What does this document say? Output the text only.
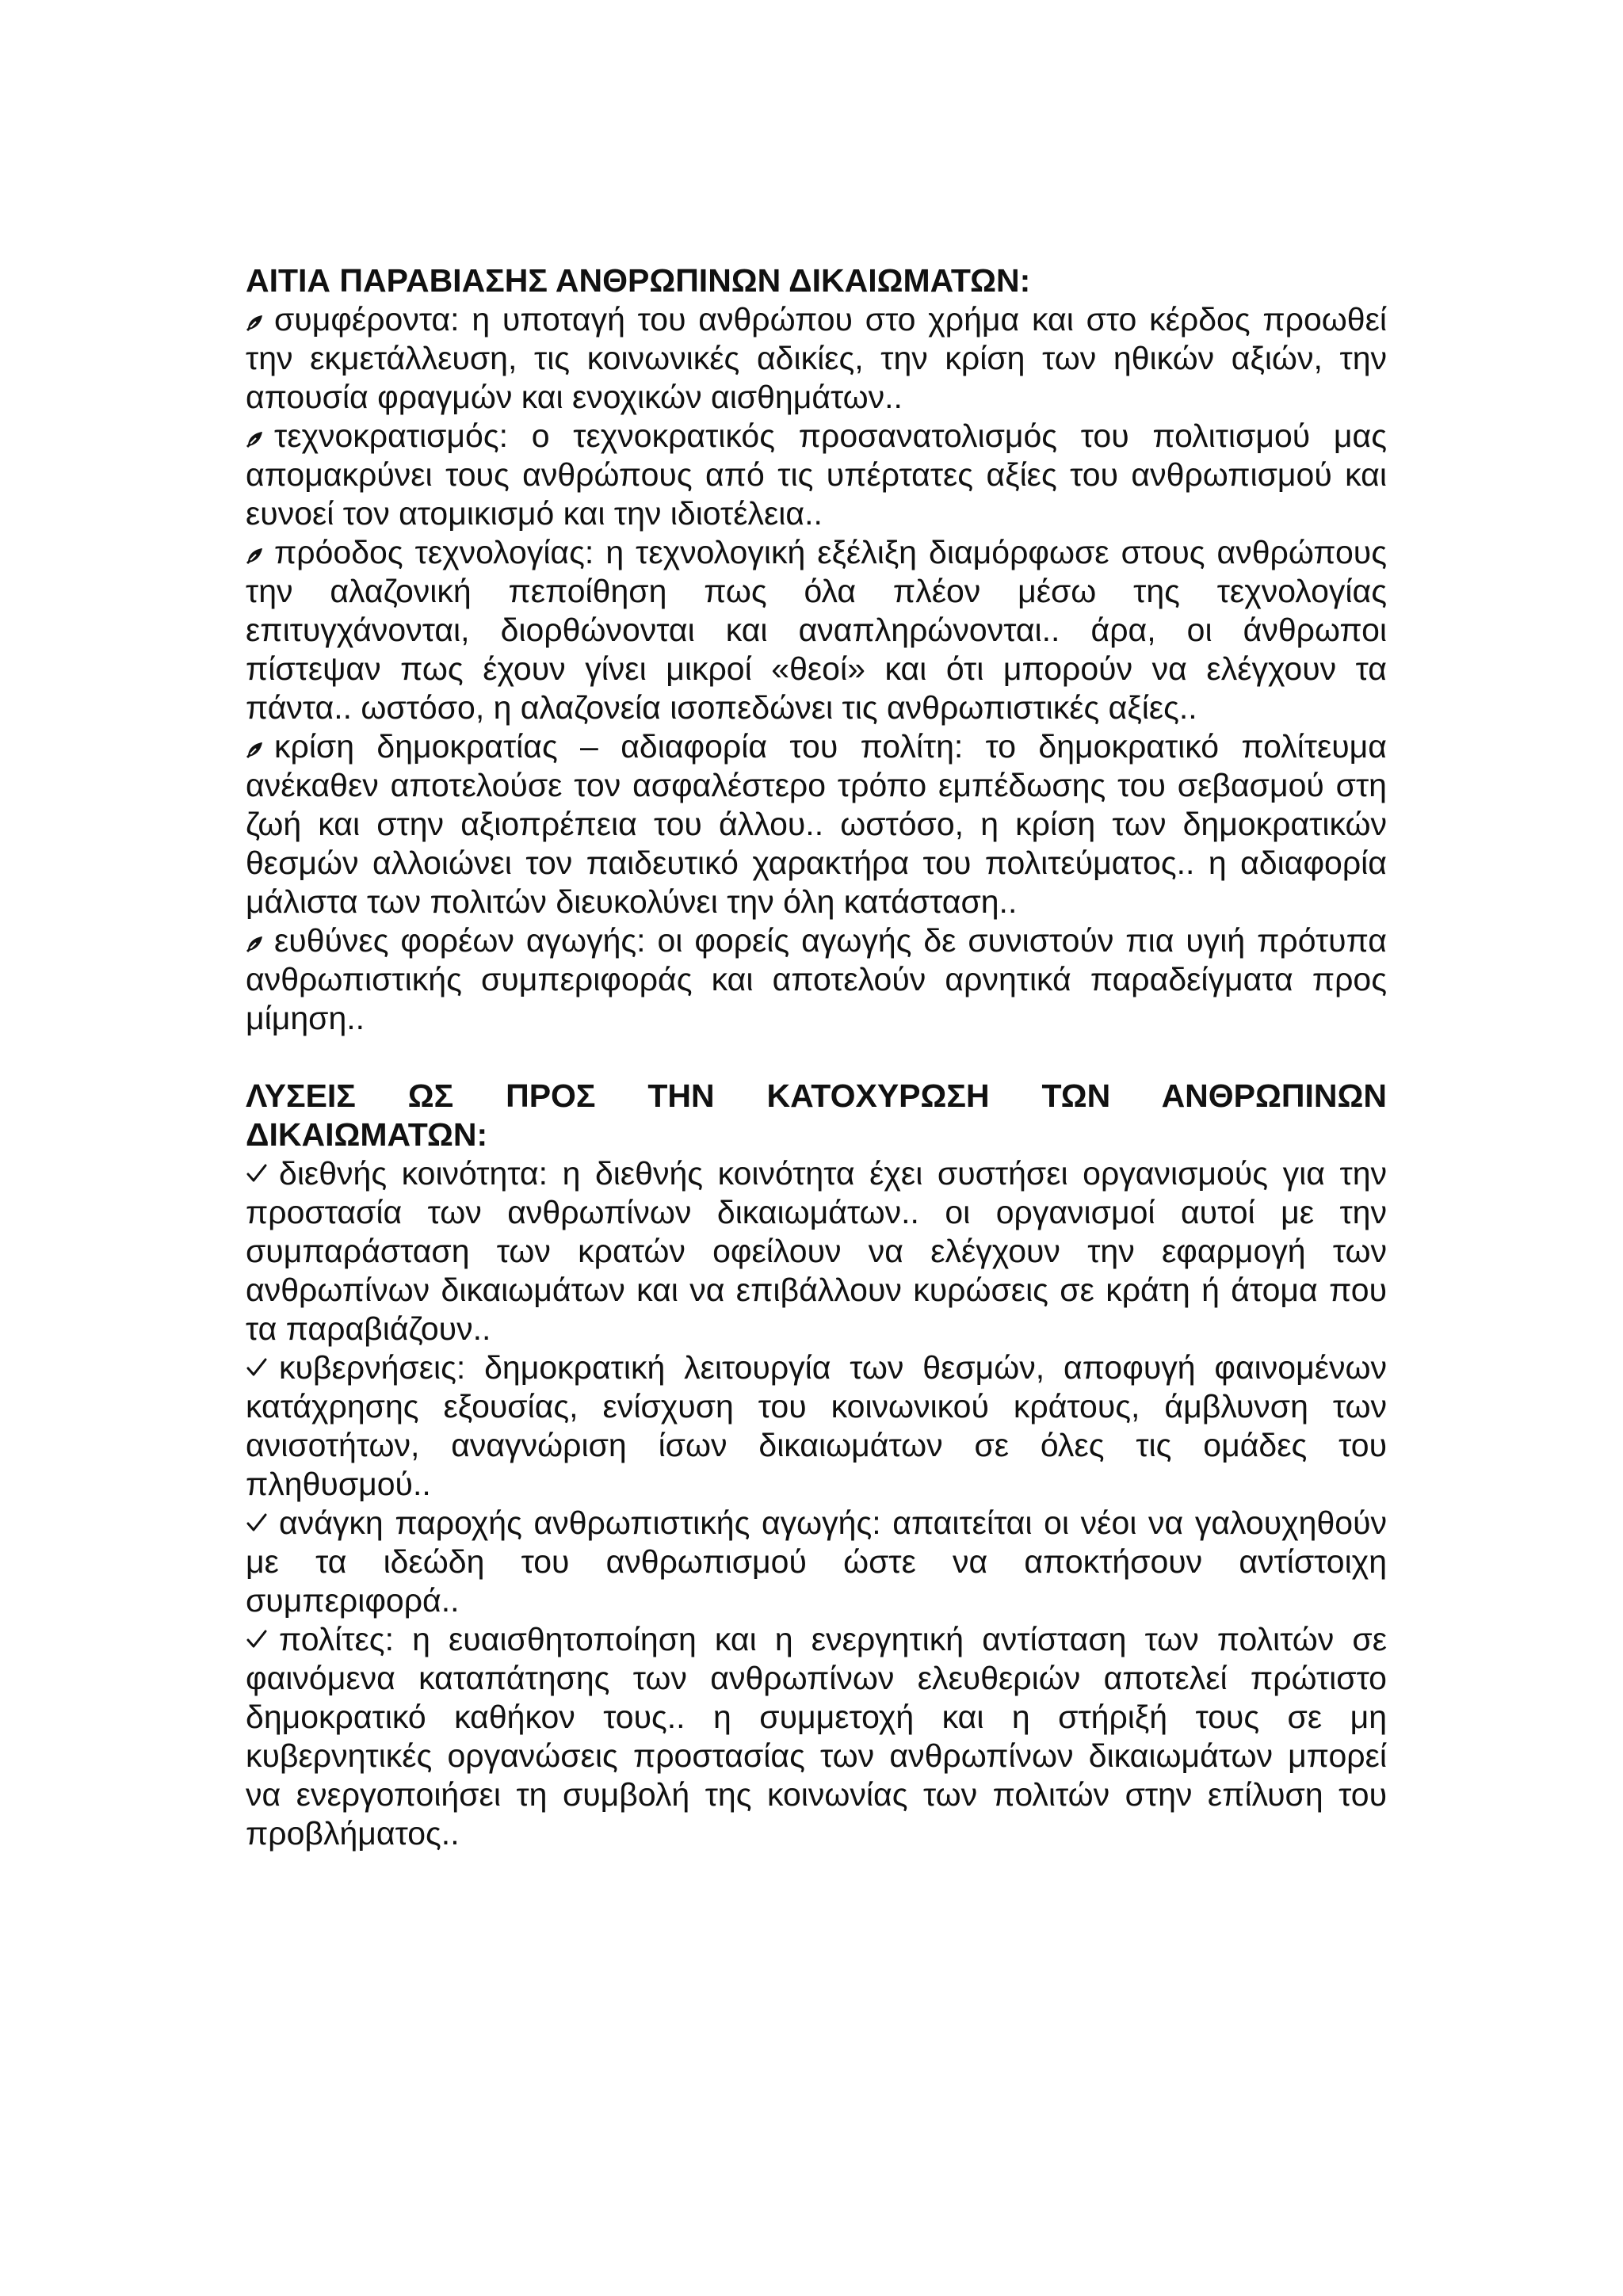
ΑΙΤΙΑ ΠΑΡΑΒΙΑΣΗΣ ΑΝΘΡΩΠΙΝΩΝ ΔΙΚΑΙΩΜΑΤΩΝ:

συμφέροντα: η υποταγή του ανθρώπου στο χρήμα και στο κέρδος προωθεί την εκμετάλλευση, τις κοινωνικές αδικίες, την κρίση των ηθικών αξιών, την απουσία φραγμών και ενοχικών αισθημάτων..

τεχνοκρατισμός: ο τεχνοκρατικός προσανατολισμός του πολιτισμού μας απομακρύνει τους ανθρώπους από τις υπέρτατες αξίες του ανθρωπισμού και ευνοεί τον ατομικισμό και την ιδιοτέλεια..

πρόοδος τεχνολογίας: η τεχνολογική εξέλιξη διαμόρφωσε στους ανθρώπους την αλαζονική πεποίθηση πως όλα πλέον μέσω της τεχνολογίας επιτυγχάνονται, διορθώνονται και αναπληρώνονται.. άρα, οι άνθρωποι πίστεψαν πως έχουν γίνει μικροί «θεοί» και ότι μπορούν να ελέγχουν τα πάντα.. ωστόσο, η αλαζονεία ισοπεδώνει τις ανθρωπιστικές αξίες..

κρίση δημοκρατίας – αδιαφορία του πολίτη: το δημοκρατικό πολίτευμα ανέκαθεν αποτελούσε τον ασφαλέστερο τρόπο εμπέδωσης του σεβασμού στη ζωή και στην αξιοπρέπεια του άλλου.. ωστόσο, η κρίση των δημοκρατικών θεσμών αλλοιώνει τον παιδευτικό χαρακτήρα του πολιτεύματος.. η αδιαφορία μάλιστα των πολιτών διευκολύνει την όλη κατάσταση..

ευθύνες φορέων αγωγής: οι φορείς αγωγής δε συνιστούν πια υγιή πρότυπα ανθρωπιστικής συμπεριφοράς και αποτελούν αρνητικά παραδείγματα προς μίμηση..

ΛΥΣΕΙΣ ΩΣ ΠΡΟΣ ΤΗΝ ΚΑΤΟΧΥΡΩΣΗ ΤΩΝ ΑΝΘΡΩΠΙΝΩΝ
ΔΙΚΑΙΩΜΑΤΩΝ:

διεθνής κοινότητα: η διεθνής κοινότητα έχει συστήσει οργανισμούς για την προστασία των ανθρωπίνων δικαιωμάτων.. οι οργανισμοί αυτοί με την συμπαράσταση των κρατών οφείλουν να ελέγχουν την εφαρμογή των ανθρωπίνων δικαιωμάτων και να επιβάλλουν κυρώσεις σε κράτη ή άτομα που τα παραβιάζουν..

κυβερνήσεις: δημοκρατική λειτουργία των θεσμών, αποφυγή φαινομένων κατάχρησης εξουσίας, ενίσχυση του κοινωνικού κράτους, άμβλυνση των ανισοτήτων, αναγνώριση ίσων δικαιωμάτων σε όλες τις ομάδες του πληθυσμού..

ανάγκη παροχής ανθρωπιστικής αγωγής: απαιτείται οι νέοι να γαλουχηθούν με τα ιδεώδη του ανθρωπισμού ώστε να αποκτήσουν αντίστοιχη συμπεριφορά..

πολίτες: η ευαισθητοποίηση και η ενεργητική αντίσταση των πολιτών σε φαινόμενα καταπάτησης των ανθρωπίνων ελευθεριών αποτελεί πρώτιστο δημοκρατικό καθήκον τους.. η συμμετοχή και η στήριξή τους σε μη κυβερνητικές οργανώσεις προστασίας των ανθρωπίνων δικαιωμάτων μπορεί να ενεργοποιήσει τη συμβολή της κοινωνίας των πολιτών στην επίλυση του προβλήματος..
